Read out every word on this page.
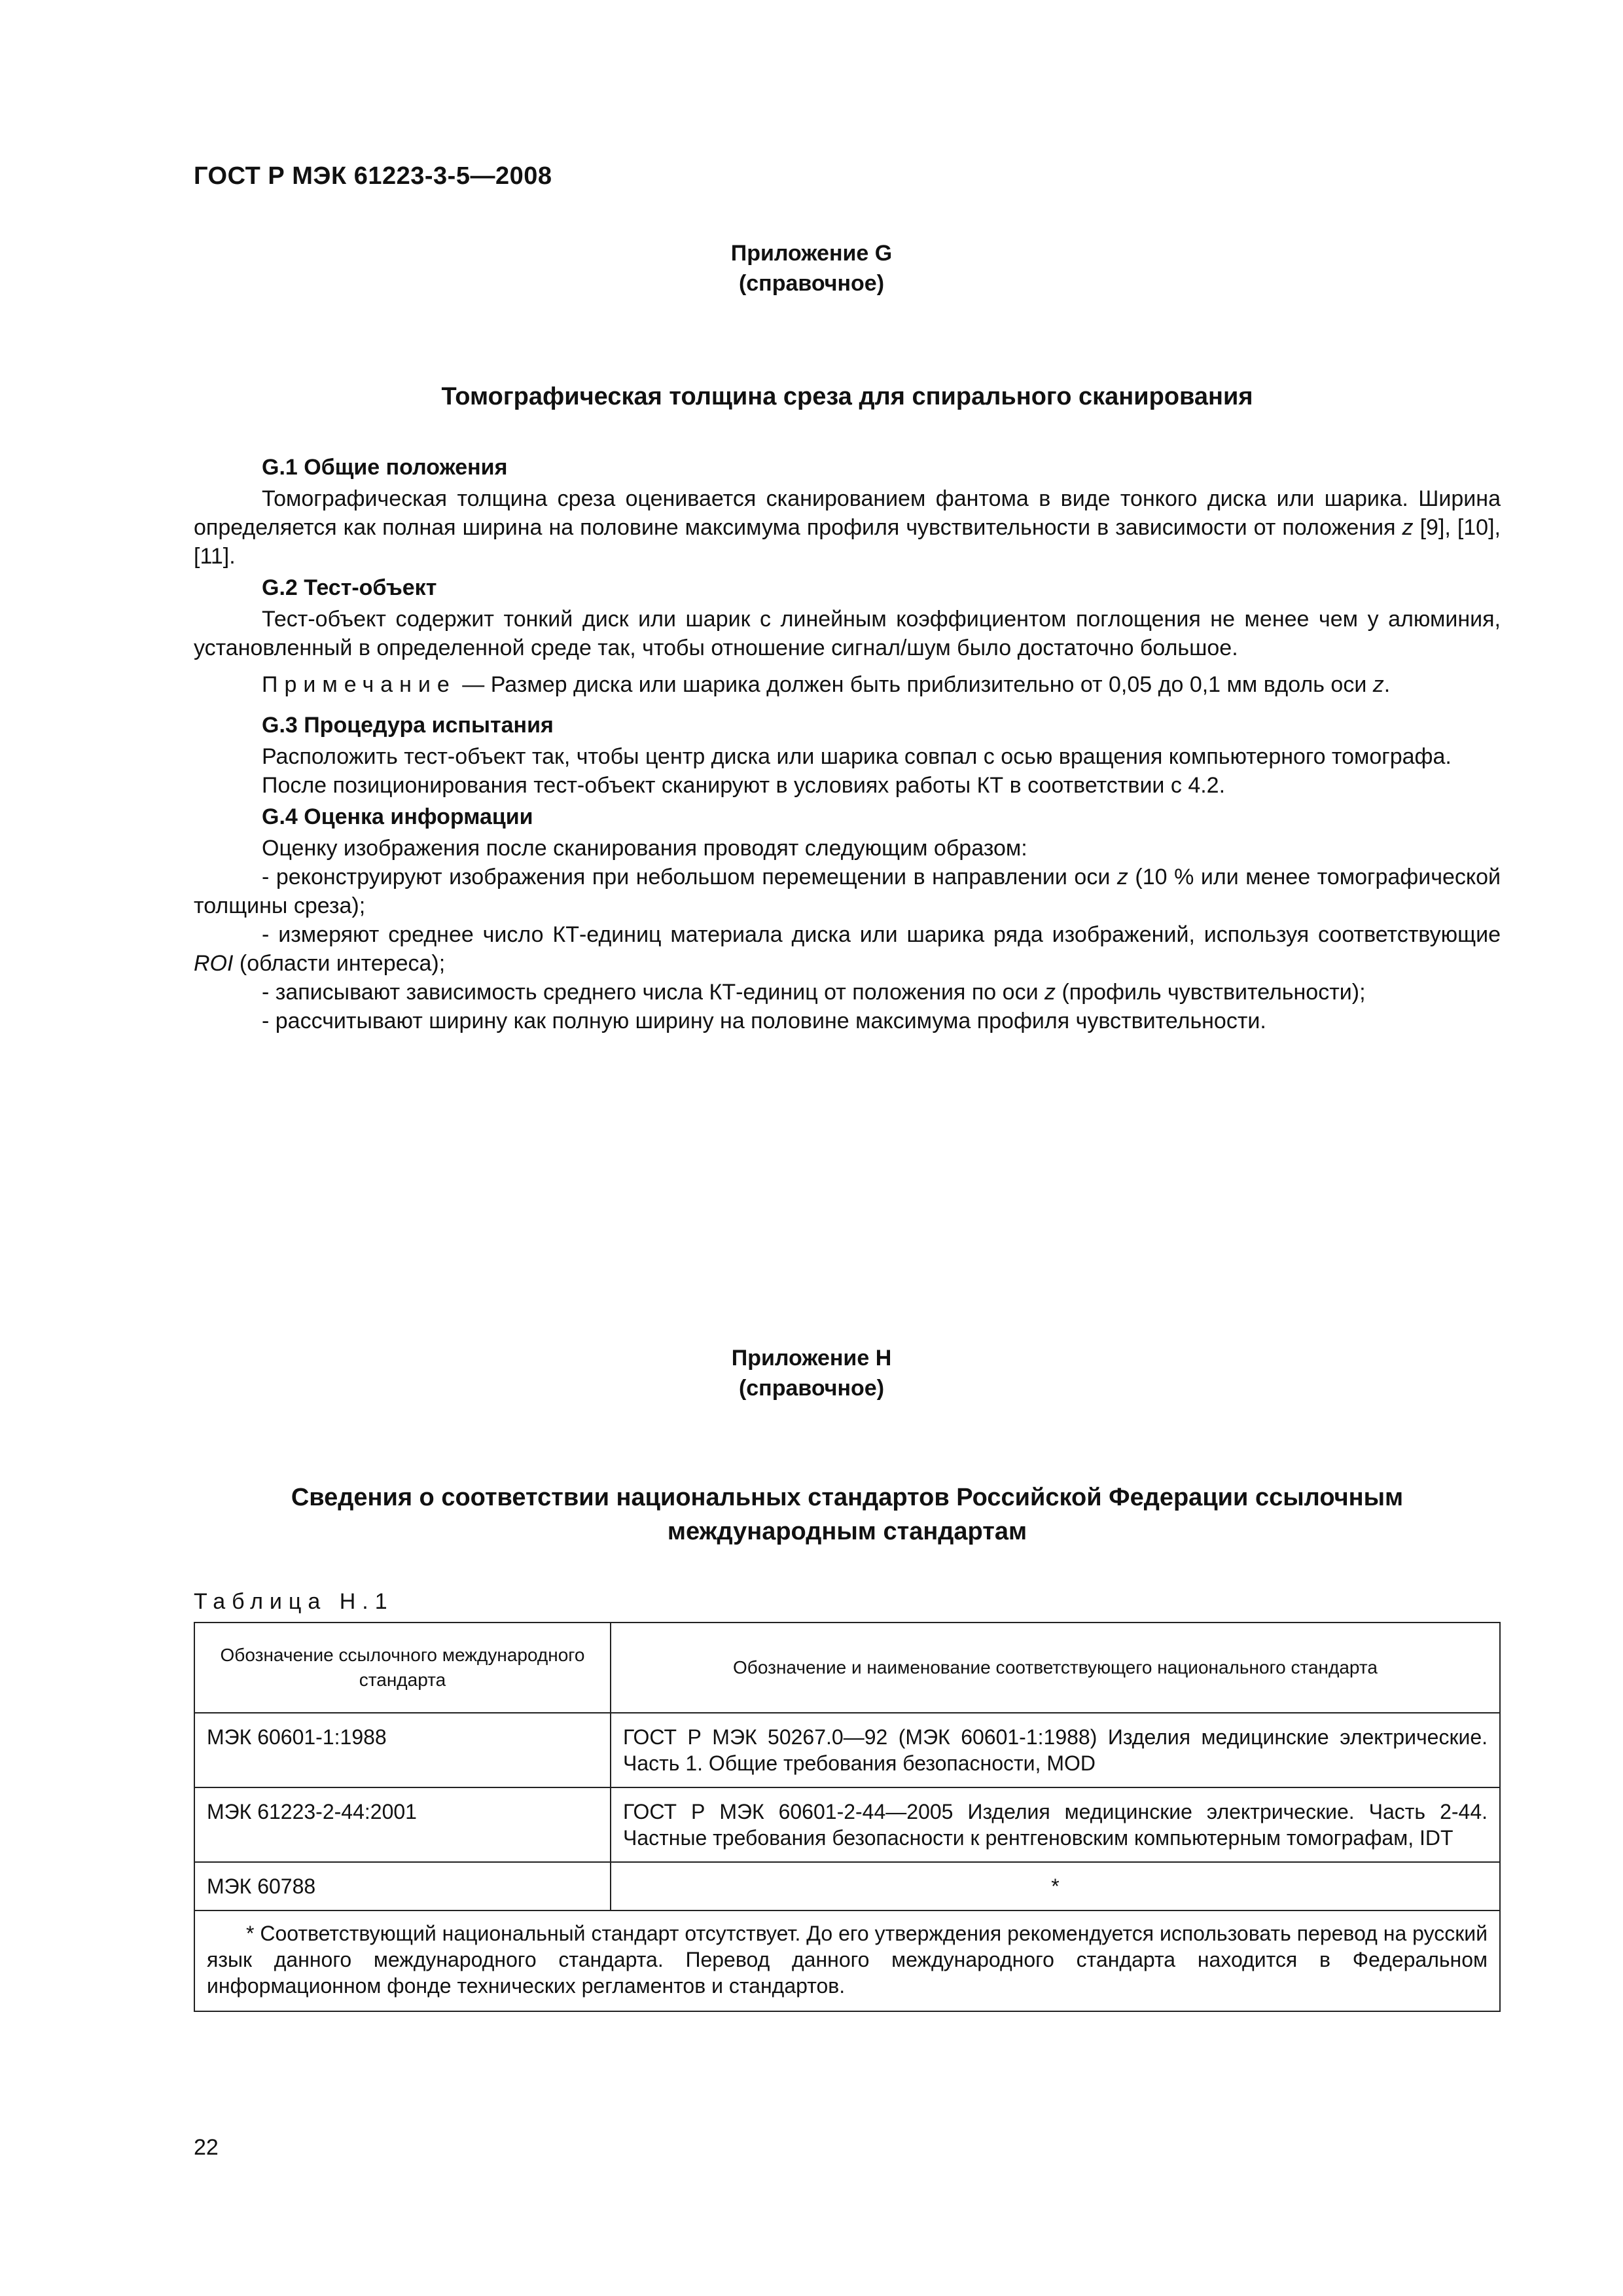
ГОСТ Р МЭК 61223-3-5—2008
Приложение G
(справочное)
Томографическая толщина среза для спирального сканирования

G.1 Общие положения

Томографическая толщина среза оценивается сканированием фантома в виде тонкого диска или шарика. Ширина определяется как полная ширина на половине максимума профиля чувствительности в зависимости от положения z [9], [10], [11].

G.2 Тест-объект

Тест-объект содержит тонкий диск или шарик с линейным коэффициентом поглощения не менее чем у алюминия, установленный в определенной среде так, чтобы отношение сигнал/шум было достаточно большое.

Примечание — Размер диска или шарика должен быть приблизительно от 0,05 до 0,1 мм вдоль оси z.

G.3 Процедура испытания

Расположить тест-объект так, чтобы центр диска или шарика совпал с осью вращения компьютерного томографа.

После позиционирования тест-объект сканируют в условиях работы КТ в соответствии с 4.2.

G.4 Оценка информации

Оценку изображения после сканирования проводят следующим образом:

- реконструируют изображения при небольшом перемещении в направлении оси z (10 % или менее томографической толщины среза);

- измеряют среднее число КТ-единиц материала диска или шарика ряда изображений, используя соответствующие ROI (области интереса);

- записывают зависимость среднего числа КТ-единиц от положения по оси z (профиль чувствительности);

- рассчитывают ширину как полную ширину на половине максимума профиля чувствительности.

Приложение H
(справочное)
Сведения о соответствии национальных стандартов Российской Федерации ссылочным
международным стандартам
Таблица H.1
Обозначение ссылочного международного стандарта	Обозначение и наименование соответствующего национального стандарта
МЭК 60601-1:1988	ГОСТ Р МЭК 50267.0—92 (МЭК 60601-1:1988) Изделия медицинские электрические. Часть 1. Общие требования безопасности, MOD
МЭК 61223-2-44:2001	ГОСТ Р МЭК 60601-2-44—2005 Изделия медицинские электрические. Часть 2-44. Частные требования безопасности к рентгеновским компьютерным томографам, IDT
МЭК 60788	*
* Соответствующий национальный стандарт отсутствует. До его утверждения рекомендуется использовать перевод на русский язык данного международного стандарта. Перевод данного международного стандарта находится в Федеральном информационном фонде технических регламентов и стандартов.	
22
